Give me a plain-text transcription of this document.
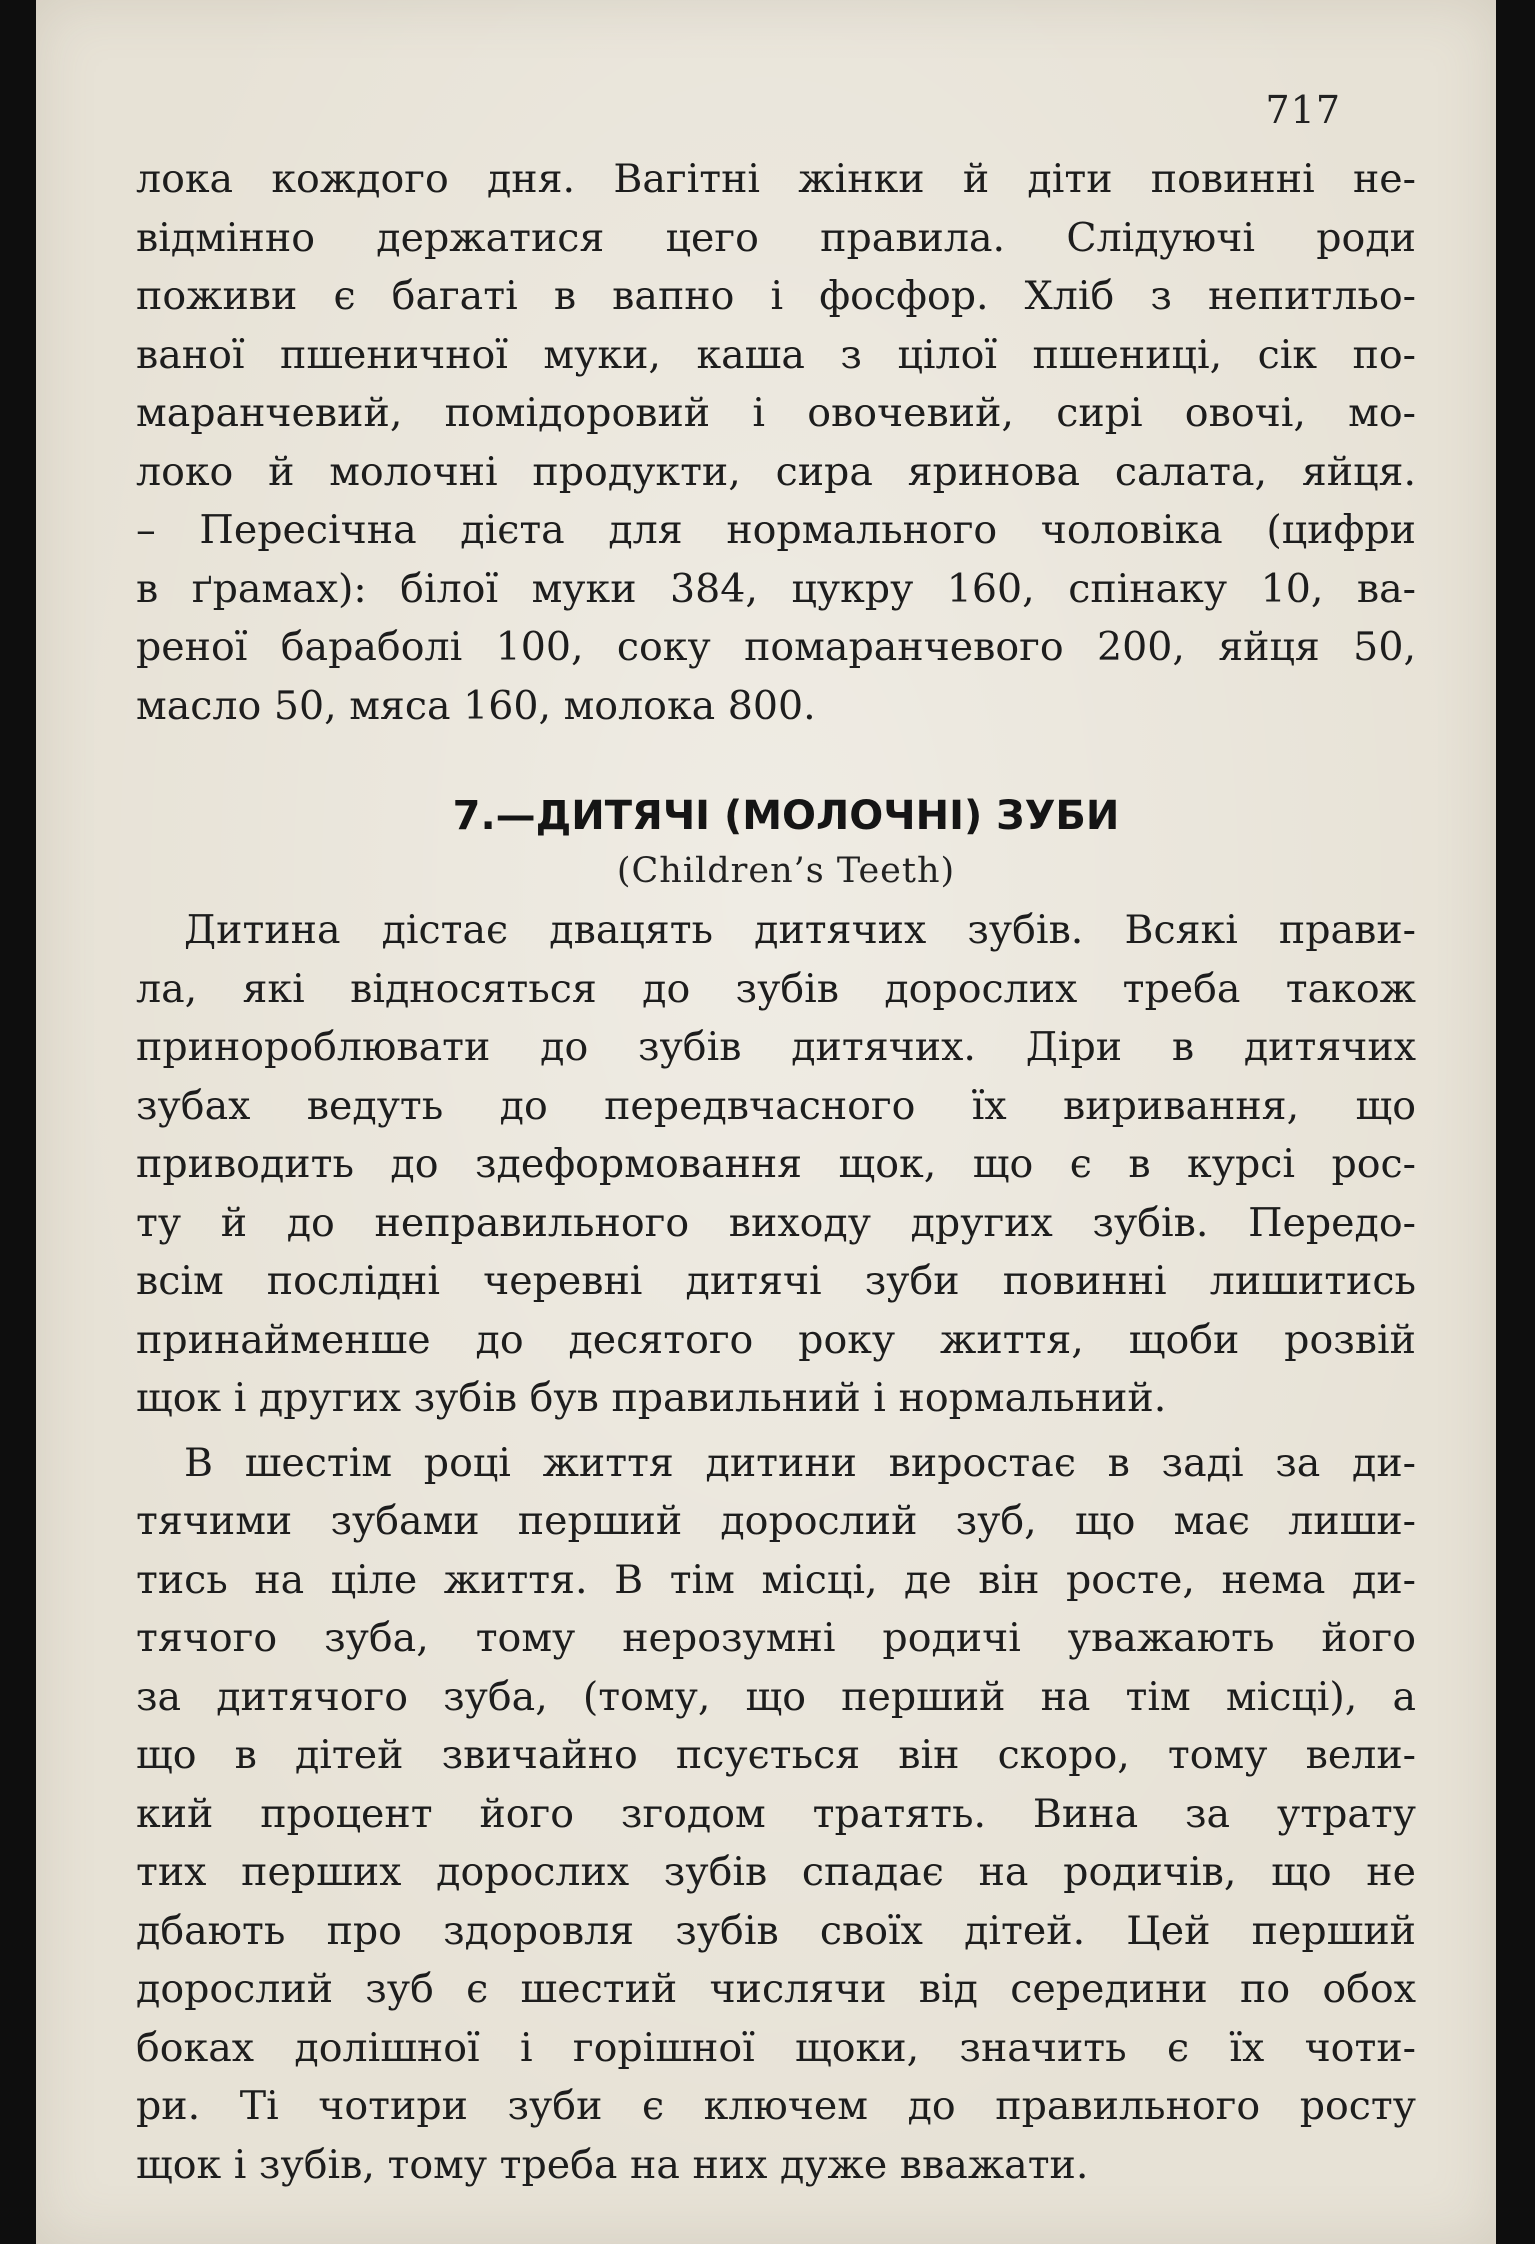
717
лока кождого дня. Вагітні жінки й діти повинні не-
відмінно держатися цего правила. Слідуючі роди
поживи є багаті в вапно і фосфор. Хліб з непитльо-
ваної пшеничної муки, каша з цілої пшениці, сік по-
маранчевий, помідоровий і овочевий, сирі овочі, мо-
локо й молочні продукти, сира яринова салата, яйця.
– Пересічна дієта для нормального чоловіка (цифри
в ґрамах): білої муки 384, цукру 160, спінаку 10, ва-
реної бараболі 100, соку помаранчевого 200, яйця 50,
масло 50, мяса 160, молока 800.
7.—ДИТЯЧІ (МОЛОЧНІ) ЗУБИ
(Children’s Teeth)
Дитина дістає двацять дитячих зубів. Всякі прави-
ла, які відносяться до зубів дорослих треба також
принороблювати до зубів дитячих. Діри в дитячих
зубах ведуть до передвчасного їх виривання, що
приводить до здеформовання щок, що є в курсі рос-
ту й до неправильного виходу других зубів. Передо-
всім послідні черевні дитячі зуби повинні лишитись
принайменше до десятого року життя, щоби розвій
щок і других зубів був правильний і нормальний.
В шестім році життя дитини виростає в заді за ди-
тячими зубами перший дорослий зуб, що має лиши-
тись на ціле життя. В тім місці, де він росте, нема ди-
тячого зуба, тому нерозумні родичі уважають його
за дитячого зуба, (тому, що перший на тім місці), а
що в дітей звичайно псується він скоро, тому вели-
кий процент його згодом тратять. Вина за утрату
тих перших дорослих зубів спадає на родичів, що не
дбають про здоровля зубів своїх дітей. Цей перший
дорослий зуб є шестий числячи від середини по обох
боках долішної і горішної щоки, значить є їх чоти-
ри. Ті чотири зуби є ключем до правильного росту
щок і зубів, тому треба на них дуже вважати.
